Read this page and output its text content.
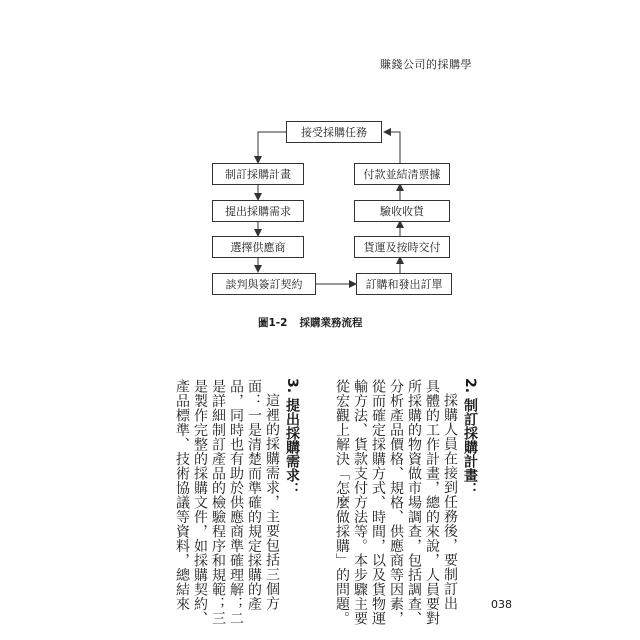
賺錢公司的採購學
接受採購任務
制訂採購計畫
提出採購需求
選擇供應商
談判與簽訂契約
付款並結清票據
驗收收貨
貨運及按時交付
訂購和發出訂單
圖1-2 採購業務流程
2. 制訂採購計畫：
採購人員在接到任務後，要制訂出
具體的工作計畫，總的來說，人員要對
所採購的物資做市場調查，包括調查、
分析產品價格、規格、供應商等因素，
從而確定採購方式、時間，以及貨物運
輸方法、貨款支付方法等。本步驟主要
從宏觀上解決「怎麼做採購」的問題。
3. 提出採購需求：
這裡的採購需求，主要包括三個方
面：一是清楚而準確的規定採購的產
品，同時也有助於供應商準確理解；二
是詳細制訂產品的檢驗程序和規範；三
是製作完整的採購文件，如採購契約、
產品標準、技術協議等資料，總結來	038
